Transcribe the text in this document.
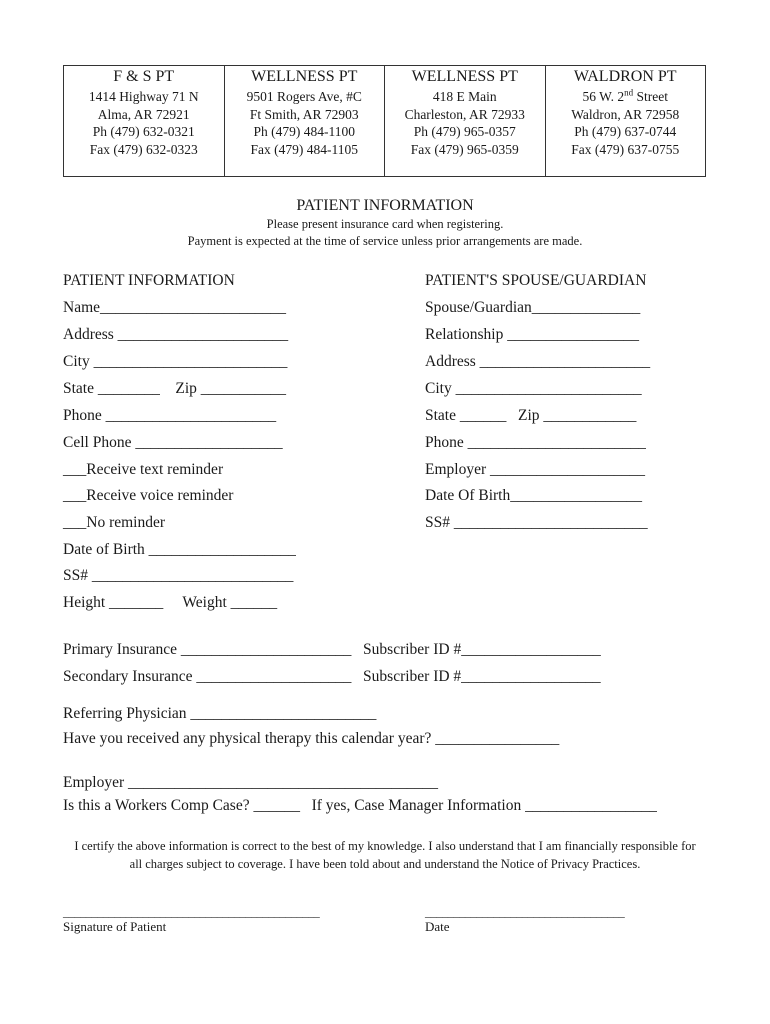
F & S PT
1414 Highway 71 N
Alma, AR 72921
Ph (479) 632-0321
Fax (479) 632-0323
WELLNESS PT
9501 Rogers Ave, #C
Ft Smith, AR 72903
Ph (479) 484-1100
Fax (479) 484-1105
WELLNESS PT
418 E Main
Charleston, AR 72933
Ph (479) 965-0357
Fax (479) 965-0359
WALDRON PT
56 W. 2nd Street
Waldron, AR 72958
Ph (479) 637-0744
Fax (479) 637-0755
PATIENT INFORMATION
Please present insurance card when registering.
Payment is expected at the time of service unless prior arrangements are made.
PATIENT INFORMATION
Name________________________
Address ______________________
City _________________________
State ________    Zip ___________
Phone ______________________
Cell Phone ___________________
___Receive text reminder
___Receive voice reminder
___No reminder
Date of Birth ___________________
SS# __________________________
Height _______     Weight ______
PATIENT'S SPOUSE/GUARDIAN
Spouse/Guardian______________
Relationship _________________
Address ______________________
City ________________________
State ______   Zip ____________
Phone _______________________
Employer ____________________
Date Of Birth_________________
SS# _________________________
Primary Insurance ______________________   Subscriber ID #__________________
Secondary Insurance ____________________   Subscriber ID #__________________
Referring Physician ________________________
Have you received any physical therapy this calendar year? ________________
Employer ________________________________________
Is this a Workers Comp Case? ______   If yes, Case Manager Information _________________
I certify the above information is correct to the best of my knowledge. I also understand that I am financially responsible for all charges subject to coverage. I have been told about and understand the Notice of Privacy Practices.
_____________________________________________
Signature of Patient
___________________________________
Date
